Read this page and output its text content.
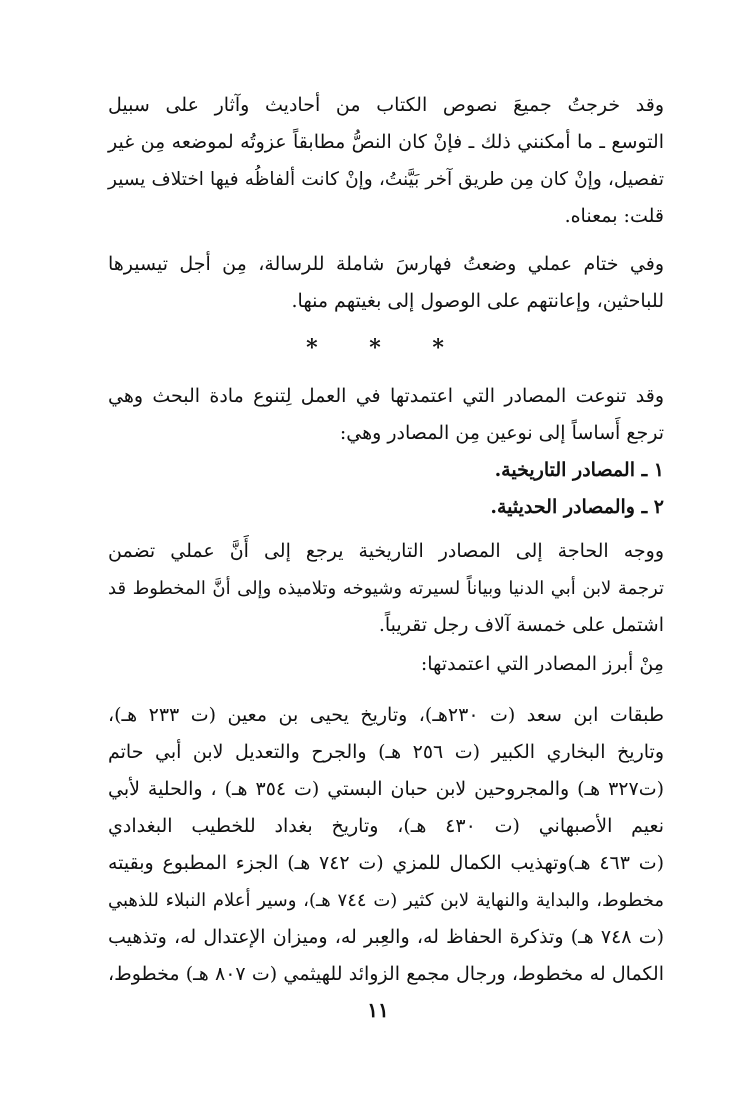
وقد خرجتُ جميعَ نصوص الكتاب من أحاديث وآثار على سبيل
التوسع ـ ما أمكنني ذلك ـ فإنْ كان النصُّ مطابقاً عزوتُه لموضعه مِن غير
تفصيل، وإنْ كان مِن طريق آخر بَيَّنتُ، وإنْ كانت ألفاظُه فيها اختلاف يسير
قلت: بمعناه.
وفي ختام عملي وضعتُ فهارسَ شاملة للرسالة، مِن أجل تيسيرها
للباحثين، وإعانتهم على الوصول إلى بغيتهم منها.
* * *
وقد تنوعت المصادر التي اعتمدتها في العمل لِتنوع مادة البحث وهي
ترجع أَساساً إلى نوعين مِن المصادر وهي:
١ ـ المصادر التاريخية.
٢ ـ والمصادر الحديثية.
ووجه الحاجة إلى المصادر التاريخية يرجع إلى أَنَّ عملي تضمن
ترجمة لابن أبي الدنيا وبياناً لسيرته وشيوخه وتلاميذه وإلى أنَّ المخطوط قد
اشتمل على خمسة آلاف رجل تقريباً.
مِنْ أبرز المصادر التي اعتمدتها:
طبقات ابن سعد (ت ٢٣٠هـ)، وتاريخ يحيى بن معين (ت ٢٣٣ هـ)،
وتاريخ البخاري الكبير (ت ٢٥٦ هـ) والجرح والتعديل لابن أبي حاتم
(ت٣٢٧ هـ) والمجروحين لابن حبان البستي (ت ٣٥٤ هـ) ، والحلية لأبي
نعيم الأصبهاني (ت ٤٣٠ هـ)، وتاريخ بغداد للخطيب البغدادي
(ت ٤٦٣ هـ)وتهذيب الكمال للمزي (ت ٧٤٢ هـ) الجزء المطبوع وبقيته
مخطوط، والبداية والنهاية لابن كثير (ت ٧٤٤ هـ)، وسير أعلام النبلاء للذهبي
(ت ٧٤٨ هـ) وتذكرة الحفاظ له، والعِبر له، وميزان الإعتدال له، وتذهيب
الكمال له مخطوط، ورجال مجمع الزوائد للهيثمي (ت ٨٠٧ هـ) مخطوط،
١١
